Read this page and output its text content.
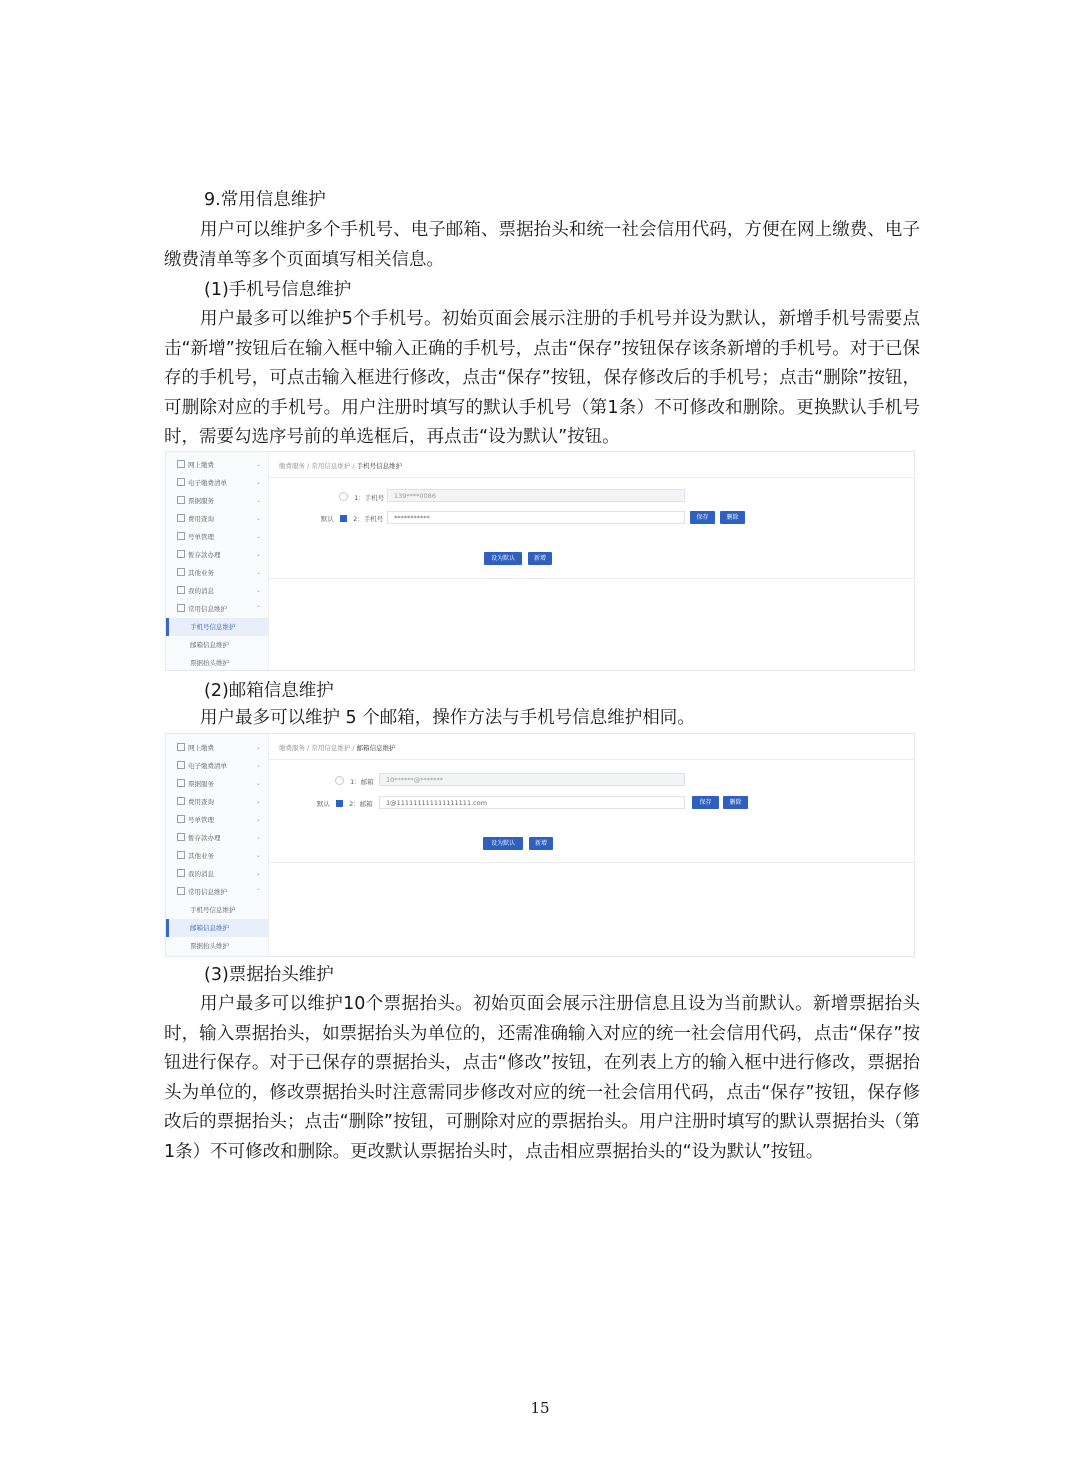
9.常用信息维护

用户可以维护多个手机号、电子邮箱、票据抬头和统一社会信用代码，方便在网上缴费、电子缴费清单等多个页面填写相关信息。

(1)手机号信息维护

用户最多可以维护5个手机号。初始页面会展示注册的手机号并设为默认，新增手机号需要点击“新增”按钮后在输入框中输入正确的手机号，点击“保存”按钮保存该条新增的手机号。对于已保存的手机号，可点击输入框进行修改，点击“保存”按钮，保存修改后的手机号；点击“删除”按钮，可删除对应的手机号。用户注册时填写的默认手机号（第1条）不可修改和删除。更换默认手机号时，需要勾选序号前的单选框后，再点击“设为默认”按钮。

网上缴费	⌄
电子缴费清单	⌄
票据服务	⌄
费用查询	⌄
号单管理	⌄
暂存款办理	⌄
其他业务	⌄
我的消息	⌄
常用信息维护	⌃
手机号信息维护
邮箱信息维护
票据抬头维护
缴费服务 / 常用信息维护 / 手机号信息维护
1：手机号	139****0086
默认	2：手机号	***********	保存	删除
设为默认	新增

(2)邮箱信息维护

用户最多可以维护 5 个邮箱，操作方法与手机号信息维护相同。

网上缴费	⌄
电子缴费清单	⌄
票据服务	⌄
费用查询	⌄
号单管理	⌄
暂存款办理	⌄
其他业务	⌄
我的消息	⌄
常用信息维护	⌃
手机号信息维护
邮箱信息维护
票据抬头维护
缴费服务 / 常用信息维护 / 邮箱信息维护
1：邮箱	10******@*******
默认	2：邮箱	1@111111111111111111.com	保存	删除
设为默认	新增

(3)票据抬头维护

用户最多可以维护10个票据抬头。初始页面会展示注册信息且设为当前默认。新增票据抬头时，输入票据抬头，如票据抬头为单位的，还需准确输入对应的统一社会信用代码，点击“保存”按钮进行保存。对于已保存的票据抬头，点击“修改”按钮，在列表上方的输入框中进行修改，票据抬头为单位的，修改票据抬头时注意需同步修改对应的统一社会信用代码，点击“保存”按钮，保存修改后的票据抬头；点击“删除”按钮，可删除对应的票据抬头。用户注册时填写的默认票据抬头（第1条）不可修改和删除。更改默认票据抬头时，点击相应票据抬头的“设为默认”按钮。

15
